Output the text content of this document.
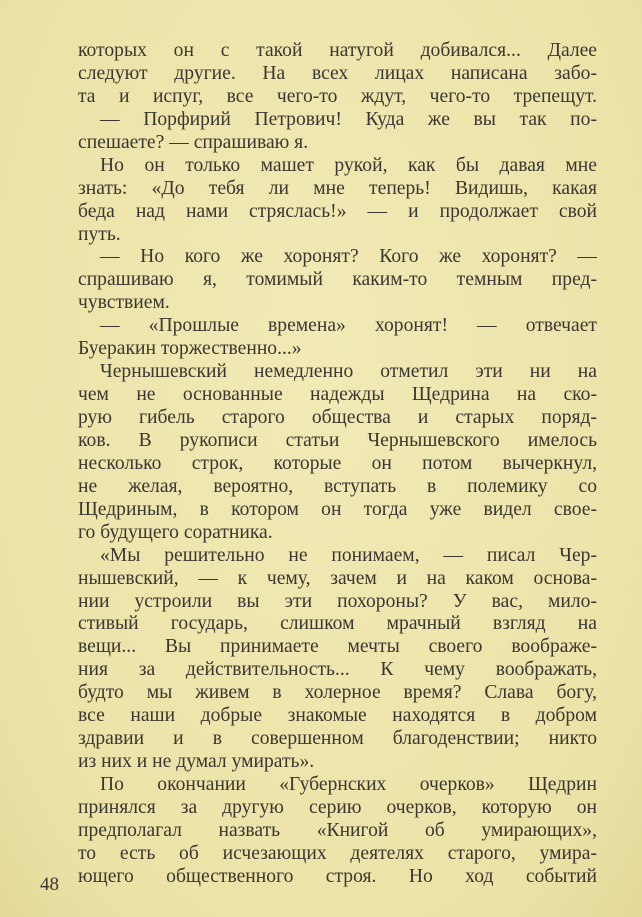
которых он с такой натугой добивался... Далее
следуют другие. На всех лицах написана забо-
та и испуг, все чего-то ждут, чего-то трепещут.
— Порфирий Петрович! Куда же вы так по-
спешаете? — спрашиваю я.
Но он только машет рукой, как бы давая мне
знать: «До тебя ли мне теперь! Видишь, какая
беда над нами стряслась!» — и продолжает свой
путь.
— Но кого же хоронят? Кого же хоронят? —
спрашиваю я, томимый каким-то темным пред-
чувствием.
— «Прошлые времена» хоронят! — отвечает
Буеракин торжественно...»
Чернышевский немедленно отметил эти ни на
чем не основанные надежды Щедрина на ско-
рую гибель старого общества и старых поряд-
ков. В рукописи статьи Чернышевского имелось
несколько строк, которые он потом вычеркнул,
не желая, вероятно, вступать в полемику со
Щедриным, в котором он тогда уже видел свое-
го будущего соратника.
«Мы решительно не понимаем, — писал Чер-
нышевский, — к чему, зачем и на каком основа-
нии устроили вы эти похороны? У вас, мило-
стивый государь, слишком мрачный взгляд на
вещи... Вы принимаете мечты своего воображе-
ния за действительность... К чему воображать,
будто мы живем в холерное время? Слава богу,
все наши добрые знакомые находятся в добром
здравии и в совершенном благоденствии; никто
из них и не думал умирать».
По окончании «Губернских очерков» Щедрин
принялся за другую серию очерков, которую он
предполагал назвать «Книгой об умирающих»,
то есть об исчезающих деятелях старого, умира-
ющего общественного строя. Но ход событий
48
